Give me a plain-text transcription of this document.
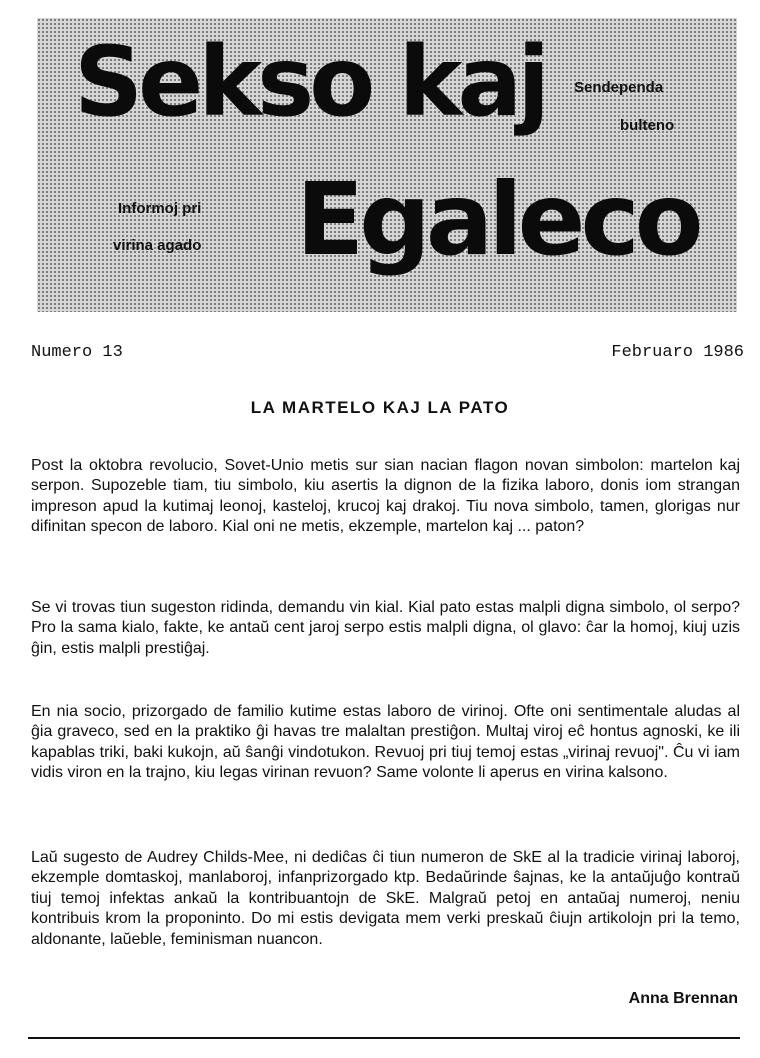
Sekso kaj
Egaleco
Sendependa
bulteno
Informoj pri
virina agado
Numero 13	Februaro 1986
LA MARTELO KAJ LA PATO

Post la oktobra revolucio, Sovet-Unio metis sur sian nacian flagon novan simbolon: martelon kaj serpon. Supozeble tiam, tiu simbolo, kiu asertis la dignon de la fizika laboro, donis iom strangan impreson apud la kutimaj leonoj, kasteloj, krucoj kaj drakoj. Tiu nova simbolo, tamen, glorigas nur difinitan specon de laboro. Kial oni ne metis, ekzemple, martelon kaj ... paton?

Se vi trovas tiun sugeston ridinda, demandu vin kial. Kial pato estas malpli digna simbolo, ol serpo? Pro la sama kialo, fakte, ke antaŭ cent jaroj serpo estis malpli digna, ol glavo: ĉar la homoj, kiuj uzis ĝin, estis malpli prestiĝaj.

En nia socio, prizorgado de familio kutime estas laboro de virinoj. Ofte oni sentimentale aludas al ĝia graveco, sed en la praktiko ĝi havas tre malaltan prestiĝon. Multaj viroj eĉ hontus agnoski, ke ili kapablas triki, baki kukojn, aŭ ŝanĝi vindotukon. Revuoj pri tiuj temoj estas „virinaj revuoj". Ĉu vi iam vidis viron en la trajno, kiu legas virinan revuon? Same volonte li aperus en virina kalsono.

Laŭ sugesto de Audrey Childs-Mee, ni dediĉas ĉi tiun numeron de SkE al la tradicie virinaj laboroj, ekzemple domtaskoj, manlaboroj, infanprizorgado ktp. Bedaŭrinde ŝajnas, ke la antaŭjuĝo kontraŭ tiuj temoj infektas ankaŭ la kontribuantojn de SkE. Malgraŭ petoj en antaŭaj numeroj, neniu kontribuis krom la proponinto. Do mi estis devigata mem verki preskaŭ ĉiujn artikolojn pri la temo, aldonante, laŭeble, feminisman nuancon.

Anna Brennan
